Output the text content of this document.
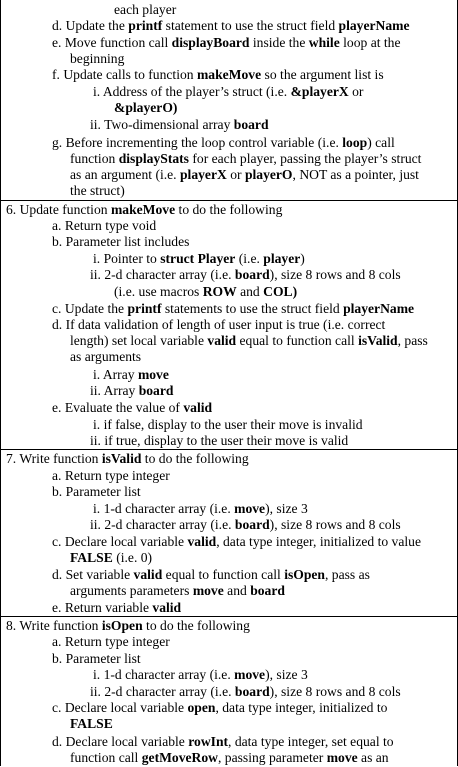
each player
d. Update the printf statement to use the struct field playerName
e. Move function call displayBoard inside the while loop at the
beginning
f. Update calls to function makeMove so the argument list is
i. Address of the player’s struct (i.e. &playerX or
&playerO)
ii. Two-dimensional array board
g. Before incrementing the loop control variable (i.e. loop) call
function displayStats for each player, passing the player’s struct
as an argument (i.e. playerX or playerO, NOT as a pointer, just
the struct)
6. Update function makeMove to do the following
a. Return type void
b. Parameter list includes
i. Pointer to struct Player (i.e. player)
ii. 2-d character array (i.e. board), size 8 rows and 8 cols
(i.e. use macros ROW and COL)
c. Update the printf statements to use the struct field playerName
d. If data validation of length of user input is true (i.e. correct
length) set local variable valid equal to function call isValid, pass
as arguments
i. Array move
ii. Array board
e. Evaluate the value of valid
i. if false, display to the user their move is invalid
ii. if true, display to the user their move is valid
7. Write function isValid to do the following
a. Return type integer
b. Parameter list
i. 1-d character array (i.e. move), size 3
ii. 2-d character array (i.e. board), size 8 rows and 8 cols
c. Declare local variable valid, data type integer, initialized to value
FALSE (i.e. 0)
d. Set variable valid equal to function call isOpen, pass as
arguments parameters move and board
e. Return variable valid
8. Write function isOpen to do the following
a. Return type integer
b. Parameter list
i. 1-d character array (i.e. move), size 3
ii. 2-d character array (i.e. board), size 8 rows and 8 cols
c. Declare local variable open, data type integer, initialized to
FALSE
d. Declare local variable rowInt, data type integer, set equal to
function call getMoveRow, passing parameter move as an
